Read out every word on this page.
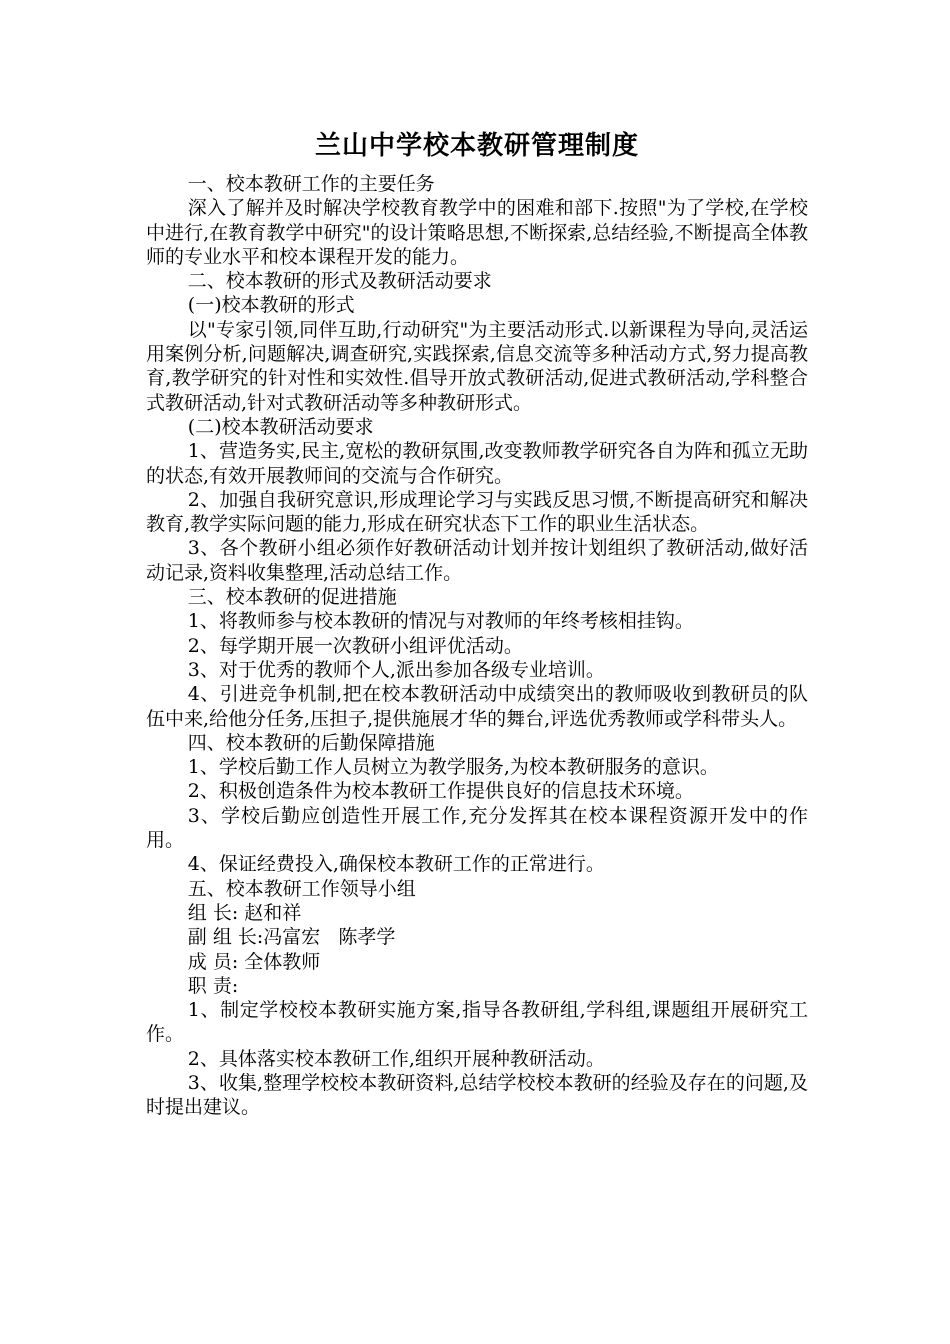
兰山中学校本教研管理制度

一、校本教研工作的主要任务

深入了解并及时解决学校教育教学中的困难和部下.按照"为了学校,在学校中进行,在教育教学中研究"的设计策略思想,不断探索,总结经验,不断提高全体教师的专业水平和校本课程开发的能力。

二、校本教研的形式及教研活动要求

(一)校本教研的形式

以"专家引领,同伴互助,行动研究"为主要活动形式.以新课程为导向,灵活运用案例分析,问题解决,调查研究,实践探索,信息交流等多种活动方式,努力提高教育,教学研究的针对性和实效性.倡导开放式教研活动,促进式教研活动,学科整合式教研活动,针对式教研活动等多种教研形式。

(二)校本教研活动要求

1、营造务实,民主,宽松的教研氛围,改变教师教学研究各自为阵和孤立无助的状态,有效开展教师间的交流与合作研究。

2、加强自我研究意识,形成理论学习与实践反思习惯,不断提高研究和解决教育,教学实际问题的能力,形成在研究状态下工作的职业生活状态。

3、各个教研小组必须作好教研活动计划并按计划组织了教研活动,做好活动记录,资料收集整理,活动总结工作。

三、校本教研的促进措施

1、将教师参与校本教研的情况与对教师的年终考核相挂钩。

2、每学期开展一次教研小组评优活动。

3、对于优秀的教师个人,派出参加各级专业培训。

4、引进竞争机制,把在校本教研活动中成绩突出的教师吸收到教研员的队伍中来,给他分任务,压担子,提供施展才华的舞台,评选优秀教师或学科带头人。

四、校本教研的后勤保障措施

1、学校后勤工作人员树立为教学服务,为校本教研服务的意识。

2、积极创造条件为校本教研工作提供良好的信息技术环境。

3、学校后勤应创造性开展工作,充分发挥其在校本课程资源开发中的作用。

4、保证经费投入,确保校本教研工作的正常进行。

五、校本教研工作领导小组

组 长: 赵和祥

副 组 长:冯富宏   陈孝学

成 员: 全体教师

职 责:

1、制定学校校本教研实施方案,指导各教研组,学科组,课题组开展研究工作。

2、具体落实校本教研工作,组织开展种教研活动。

3、收集,整理学校校本教研资料,总结学校校本教研的经验及存在的问题,及时提出建议。
